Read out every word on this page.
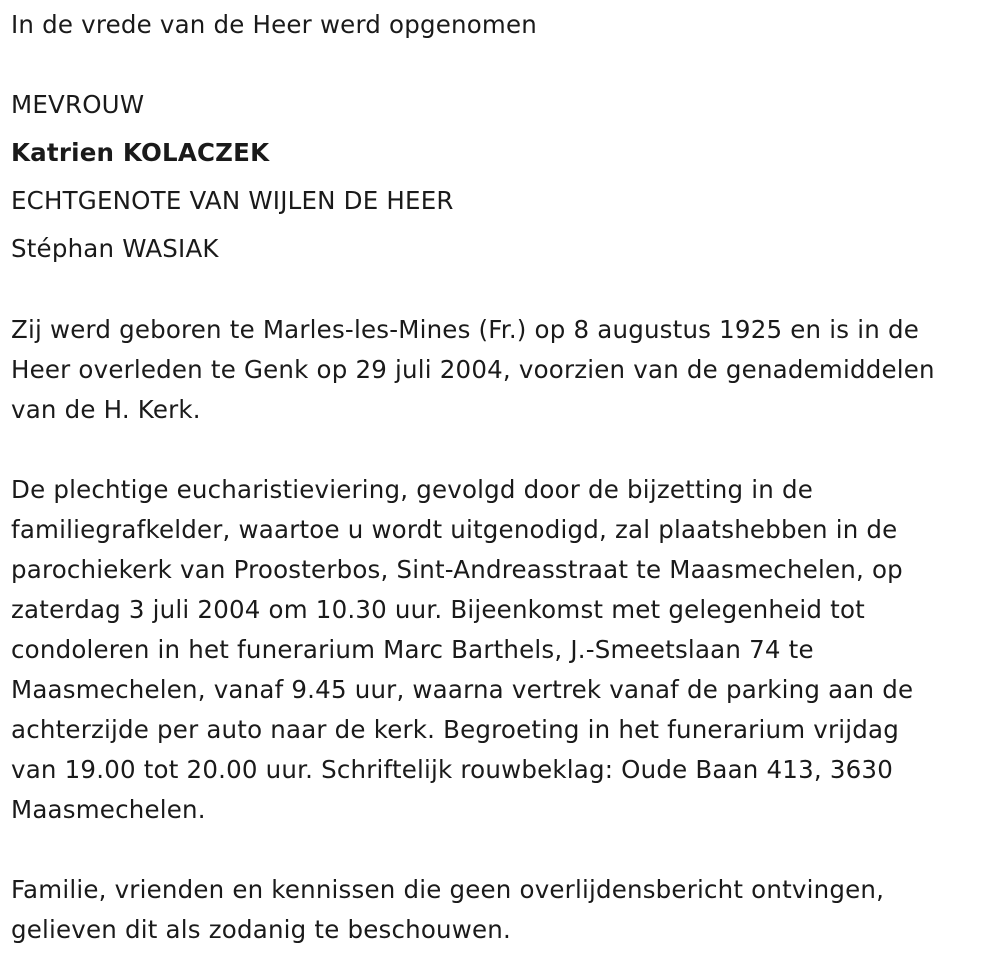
In de vrede van de Heer werd opgenomen
MEVROUW
Katrien KOLACZEK
ECHTGENOTE VAN WIJLEN DE HEER
Stéphan WASIAK
Zij werd geboren te Marles-les-Mines (Fr.) op 8 augustus 1925 en is in de
Heer overleden te Genk op 29 juli 2004, voorzien van de genademiddelen
van de H. Kerk.
De plechtige eucharistieviering, gevolgd door de bijzetting in de
familiegrafkelder, waartoe u wordt uitgenodigd, zal plaatshebben in de
parochiekerk van Proosterbos, Sint-Andreasstraat te Maasmechelen, op
zaterdag 3 juli 2004 om 10.30 uur. Bijeenkomst met gelegenheid tot
condoleren in het funerarium Marc Barthels, J.-Smeetslaan 74 te
Maasmechelen, vanaf 9.45 uur, waarna vertrek vanaf de parking aan de
achterzijde per auto naar de kerk. Begroeting in het funerarium vrijdag
van 19.00 tot 20.00 uur. Schriftelijk rouwbeklag: Oude Baan 413, 3630
Maasmechelen.
Familie, vrienden en kennissen die geen overlijdensbericht ontvingen,
gelieven dit als zodanig te beschouwen.
